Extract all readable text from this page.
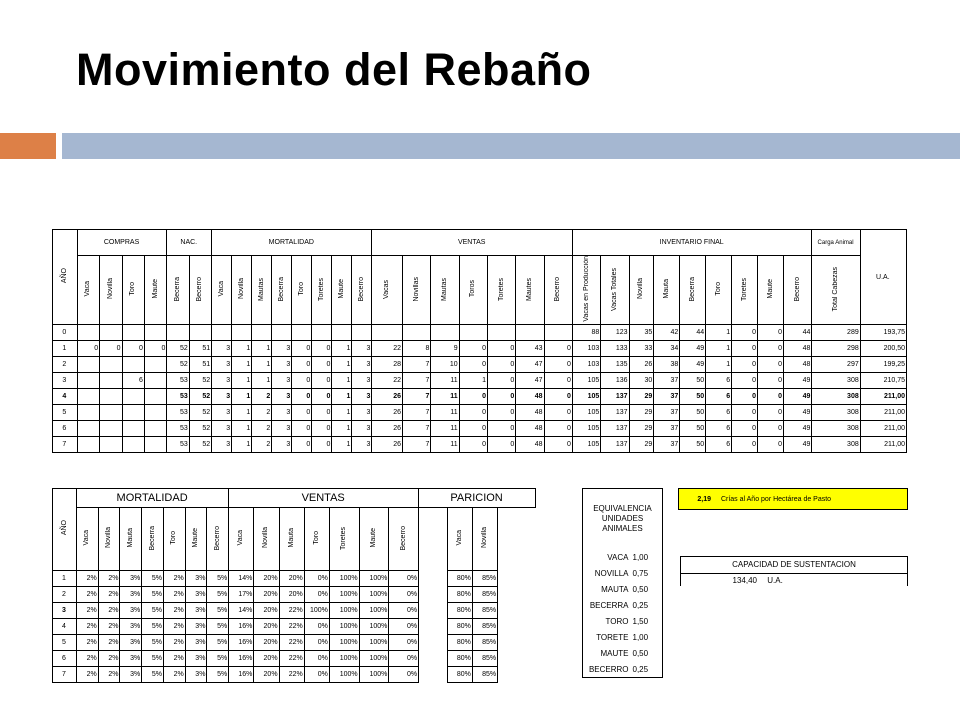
Movimiento del Rebaño
AÑO	COMPRAS				NAC.		MORTALIDAD								VENTAS							INVENTARIO FINAL									Carga Animal	U.A.
	Vaca	Novilla	Toro	Maute	Becerra	Becerro	Vaca	Novilla	Mautas	Becerra	Toro	Toretes	Maute	Becerro	Vacas	Novillas	Mautas	Toros	Toretes	Mautes	Becerro	Vacas en Producción	Vacas Totales	Novilla	Mauta	Becerra	Toro	Toretes	Maute	Becerro	Total Cabezas	
0																						88	123	35	42	44	1	0	0	44	289	193,75
1	0	0	0	0	52	51	3	1	1	3	0	0	1	3	22	8	9	0	0	43	0	103	133	33	34	49	1	0	0	48	298	200,50
2					52	51	3	1	1	3	0	0	1	3	28	7	10	0	0	47	0	103	135	26	38	49	1	0	0	48	297	199,25
3			6		53	52	3	1	1	3	0	0	1	3	22	7	11	1	0	47	0	105	136	30	37	50	6	0	0	49	308	210,75
4					53	52	3	1	2	3	0	0	1	3	26	7	11	0	0	48	0	105	137	29	37	50	6	0	0	49	308	211,00
5					53	52	3	1	2	3	0	0	1	3	26	7	11	0	0	48	0	105	137	29	37	50	6	0	0	49	308	211,00
6					53	52	3	1	2	3	0	0	1	3	26	7	11	0	0	48	0	105	137	29	37	50	6	0	0	49	308	211,00
7					53	52	3	1	2	3	0	0	1	3	26	7	11	0	0	48	0	105	137	29	37	50	6	0	0	49	308	211,00
AÑO	MORTALIDAD							VENTAS							PARICION			
	Vaca	Novilla	Mauta	Becerra	Toro	Maute	Becerro	Vaca	Novilla	Mauta	Toro	Toretes	Maute	Becerro		Vaca	Novilla	
1	2%	2%	3%	5%	2%	3%	5%	14%	20%	20%	0%	100%	100%	0%		80%	85%	
2	2%	2%	3%	5%	2%	3%	5%	17%	20%	20%	0%	100%	100%	0%		80%	85%	
3	2%	2%	3%	5%	2%	3%	5%	14%	20%	22%	100%	100%	100%	0%		80%	85%	
4	2%	2%	3%	5%	2%	3%	5%	16%	20%	22%	0%	100%	100%	0%		80%	85%	
5	2%	2%	3%	5%	2%	3%	5%	16%	20%	22%	0%	100%	100%	0%		80%	85%	
6	2%	2%	3%	5%	2%	3%	5%	16%	20%	22%	0%	100%	100%	0%		80%	85%	
7	2%	2%	3%	5%	2%	3%	5%	16%	20%	22%	0%	100%	100%	0%		80%	85%	
EQUIVALENCIA UNIDADES ANIMALES	
VACA	1,00
NOVILLA	0,75
MAUTA	0,50
BECERRA	0,25
TORO	1,50
TORETE	1,00
MAUTE	0,50
BECERRO	0,25
2,19 Crías al Año por Hectárea de Pasto
CAPACIDAD DE SUSTENTACION
134,40 U.A.
